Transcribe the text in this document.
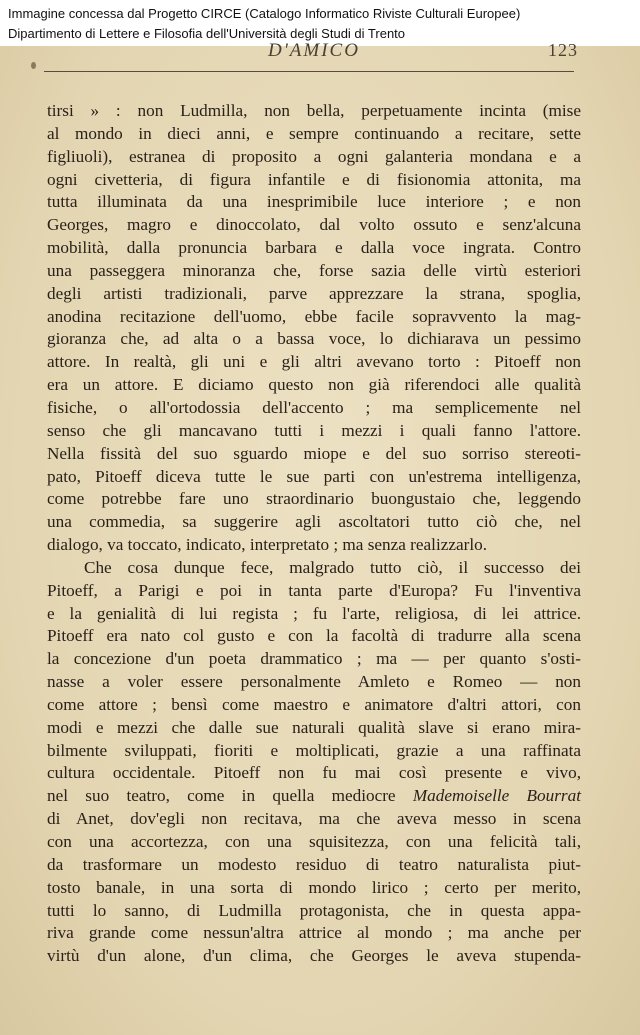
Immagine concessa dal Progetto CIRCE (Catalogo Informatico Riviste Culturali Europee)
Dipartimento di Lettere e Filosofia dell'Università degli Studi di Trento
D'AMICO	123
tirsi » : non Ludmilla, non bella, perpetuamente incinta (mise
al mondo in dieci anni, e sempre continuando a recitare, sette
figliuoli), estranea di proposito a ogni galanteria mondana e a
ogni civetteria, di figura infantile e di fisionomia attonita, ma
tutta illuminata da una inesprimibile luce interiore ; e non
Georges, magro e dinoccolato, dal volto ossuto e senz'alcuna
mobilità, dalla pronuncia barbara e dalla voce ingrata. Contro
una passeggera minoranza che, forse sazia delle virtù esteriori
degli artisti tradizionali, parve apprezzare la strana, spoglia,
anodina recitazione dell'uomo, ebbe facile sopravvento la mag-
gioranza che, ad alta o a bassa voce, lo dichiarava un pessimo
attore. In realtà, gli uni e gli altri avevano torto : Pitoeff non
era un attore. E diciamo questo non già riferendoci alle qualità
fisiche, o all'ortodossia dell'accento ; ma semplicemente nel
senso che gli mancavano tutti i mezzi i quali fanno l'attore.
Nella fissità del suo sguardo miope e del suo sorriso stereoti-
pato, Pitoeff diceva tutte le sue parti con un'estrema intelligenza,
come potrebbe fare uno straordinario buongustaio che, leggendo
una commedia, sa suggerire agli ascoltatori tutto ciò che, nel
dialogo, va toccato, indicato, interpretato ; ma senza realizzarlo.
Che cosa dunque fece, malgrado tutto ciò, il successo dei
Pitoeff, a Parigi e poi in tanta parte d'Europa? Fu l'inventiva
e la genialità di lui regista ; fu l'arte, religiosa, di lei attrice.
Pitoeff era nato col gusto e con la facoltà di tradurre alla scena
la concezione d'un poeta drammatico ; ma — per quanto s'osti-
nasse a voler essere personalmente Amleto e Romeo — non
come attore ; bensì come maestro e animatore d'altri attori, con
modi e mezzi che dalle sue naturali qualità slave si erano mira-
bilmente sviluppati, fioriti e moltiplicati, grazie a una raffinata
cultura occidentale. Pitoeff non fu mai così presente e vivo,
nel suo teatro, come in quella mediocre Mademoiselle Bourrat
di Anet, dov'egli non recitava, ma che aveva messo in scena
con una accortezza, con una squisitezza, con una felicità tali,
da trasformare un modesto residuo di teatro naturalista piut-
tosto banale, in una sorta di mondo lirico ; certo per merito,
tutti lo sanno, di Ludmilla protagonista, che in questa appa-
riva grande come nessun'altra attrice al mondo ; ma anche per
virtù d'un alone, d'un clima, che Georges le aveva stupenda-
